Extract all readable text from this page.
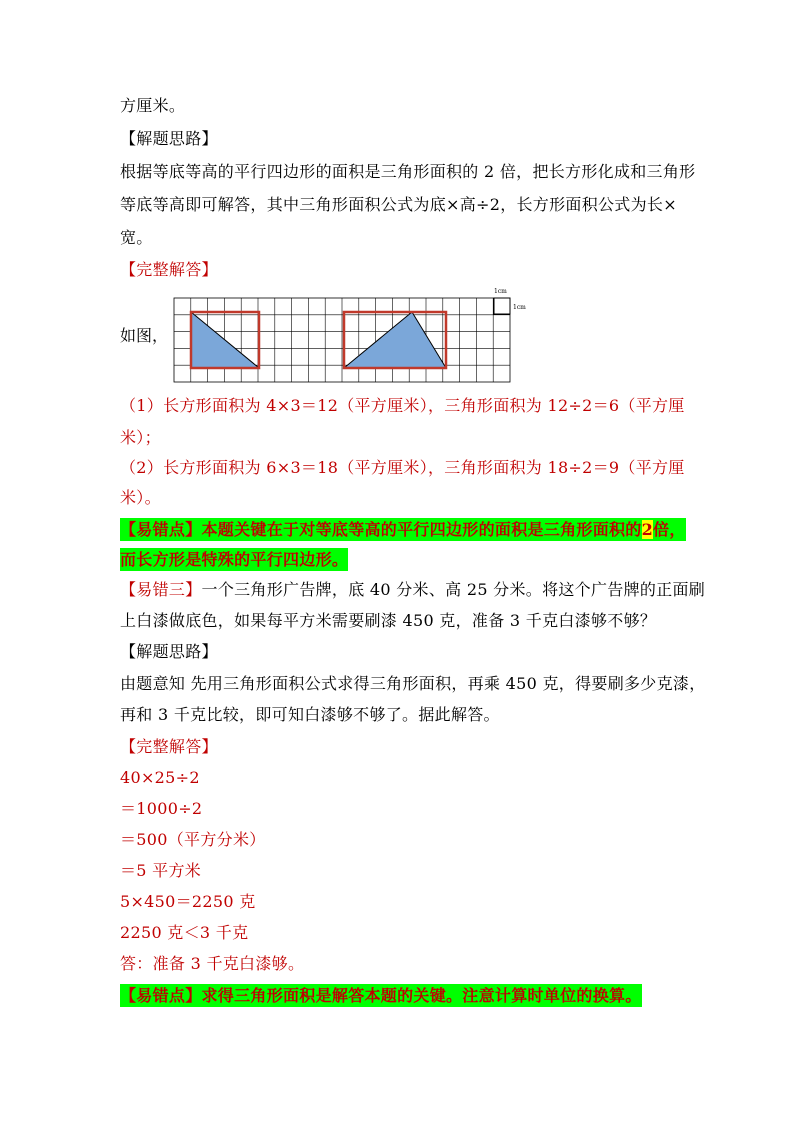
方厘米。
【解题思路】
根据等底等高的平行四边形的面积是三角形面积的 2 倍，把长方形化成和三角形
等底等高即可解答，其中三角形面积公式为底×高÷2，长方形面积公式为长×
宽。
【完整解答】
如图，
1cm
1cm
（1）长方形面积为 4×3＝12（平方厘米），三角形面积为 12÷2＝6（平方厘
米）；
（2）长方形面积为 6×3＝18（平方厘米），三角形面积为 18÷2＝9（平方厘
米）。
【易错点】本题关键在于对等底等高的平行四边形的面积是三角形面积的2倍，
而长方形是特殊的平行四边形。
【易错三】一个三角形广告牌，底 40 分米、高 25 分米。将这个广告牌的正面刷
上白漆做底色，如果每平方米需要刷漆 450 克，准备 3 千克白漆够不够？
【解题思路】
由题意知 先用三角形面积公式求得三角形面积，再乘 450 克，得要刷多少克漆，
再和 3 千克比较，即可知白漆够不够了。据此解答。
【完整解答】
40×25÷2
＝1000÷2
＝500（平方分米）
＝5 平方米
5×450＝2250 克
2250 克＜3 千克
答：准备 3 千克白漆够。
【易错点】求得三角形面积是解答本题的关键。注意计算时单位的换算。
